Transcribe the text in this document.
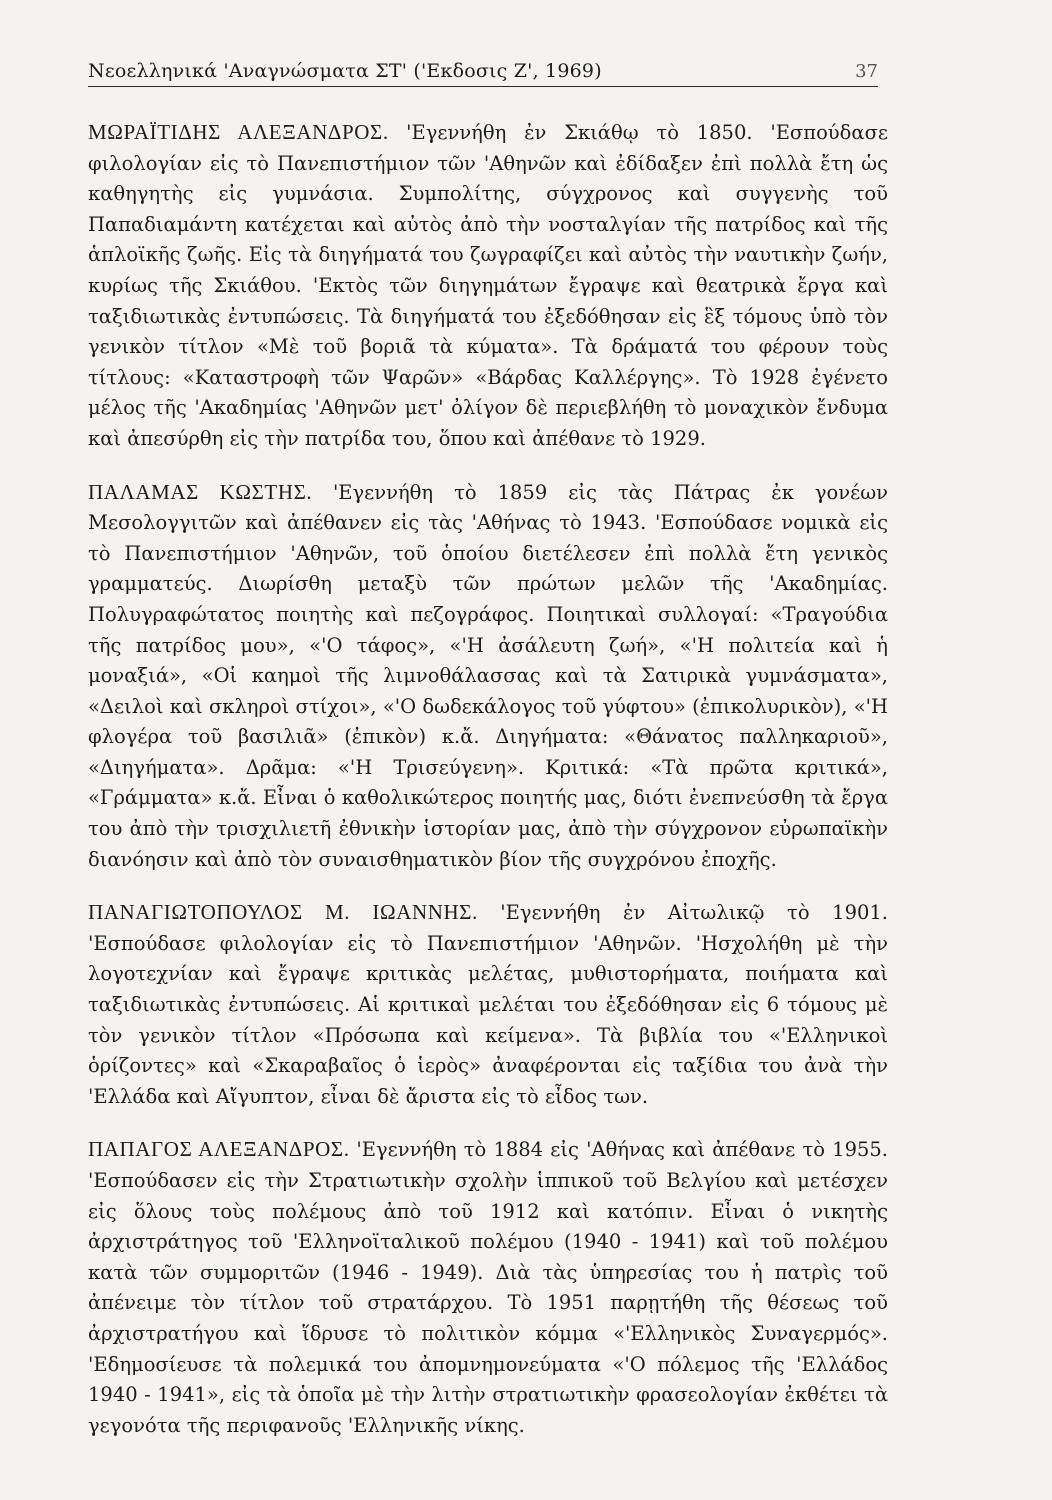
Νεοελληνικά 'Αναγνώσματα ΣΤ' ('Εκδοσις Ζ', 1969)	37

ΜΩΡΑΪΤΙΔΗΣ ΑΛΕΞΑΝΔΡΟΣ. 'Εγεννήθη ἐν Σκιάθῳ τὸ 1850. 'Εσπούδασε φιλολογίαν εἰς τὸ Πανεπιστήμιον τῶν 'Αθηνῶν καὶ ἐδίδαξεν ἐπὶ πολλὰ ἔτη ὡς καθηγητὴς εἰς γυμνάσια. Συμπολίτης, σύγχρονος καὶ συγγενὴς τοῦ Παπαδιαμάντη κατέχεται καὶ αὐτὸς ἀπὸ τὴν νοσταλγίαν τῆς πατρίδος καὶ τῆς ἁπλοϊκῆς ζωῆς. Εἰς τὰ διηγήματά του ζωγραφίζει καὶ αὐτὸς τὴν ναυτικὴν ζωήν, κυρίως τῆς Σκιάθου. 'Εκτὸς τῶν διηγημάτων ἔγραψε καὶ θεατρικὰ ἔργα καὶ ταξιδιωτικὰς ἐντυπώσεις. Τὰ διηγήματά του ἐξεδόθησαν εἰς ἓξ τόμους ὑπὸ τὸν γενικὸν τίτλον «Μὲ τοῦ βοριᾶ τὰ κύματα». Τὰ δράματά του φέρουν τοὺς τίτλους: «Καταστροφὴ τῶν Ψαρῶν» «Βάρδας Καλλέργης». Τὸ 1928 ἐγένετο μέλος τῆς 'Ακαδημίας 'Αθηνῶν μετ' ὀλίγον δὲ περιεβλήθη τὸ μοναχικὸν ἔνδυμα καὶ ἀπεσύρθη εἰς τὴν πατρίδα του, ὅπου καὶ ἀπέθανε τὸ 1929.

ΠΑΛΑΜΑΣ ΚΩΣΤΗΣ. 'Εγεννήθη τὸ 1859 εἰς τὰς Πάτρας ἐκ γονέων Μεσολογγιτῶν καὶ ἀπέθανεν εἰς τὰς 'Αθήνας τὸ 1943. 'Εσπούδασε νομικὰ εἰς τὸ Πανεπιστήμιον 'Αθηνῶν, τοῦ ὁποίου διετέλεσεν ἐπὶ πολλὰ ἔτη γενικὸς γραμματεύς. Διωρίσθη μεταξὺ τῶν πρώτων μελῶν τῆς 'Ακαδημίας. Πολυγραφώτατος ποιητὴς καὶ πεζογράφος. Ποιητικαὶ συλλογαί: «Τραγούδια τῆς πατρίδος μου», «'Ο τάφος», «'Η ἀσάλευτη ζωή», «'Η πολιτεία καὶ ἡ μοναξιά», «Οἱ καημοὶ τῆς λιμνοθάλασσας καὶ τὰ Σατιρικὰ γυμνάσματα», «Δειλοὶ καὶ σκληροὶ στίχοι», «'Ο δωδεκάλογος τοῦ γύφτου» (ἐπικολυρικὸν), «'Η φλογέρα τοῦ βασιλιᾶ» (ἐπικὸν) κ.ἄ. Διηγήματα: «Θάνατος παλληκαριοῦ», «Διηγήματα». Δρᾶμα: «'Η Τρισεύγενη». Κριτικά: «Τὰ πρῶτα κριτικά», «Γράμματα» κ.ἄ. Εἶναι ὁ καθολικώτερος ποιητής μας, διότι ἐνεπνεύσθη τὰ ἔργα του ἀπὸ τὴν τρισχιλιετῆ ἐθνικὴν ἱστορίαν μας, ἀπὸ τὴν σύγχρονον εὐρωπαϊκὴν διανόησιν καὶ ἀπὸ τὸν συναισθηματικὸν βίον τῆς συγχρόνου ἐποχῆς.

ΠΑΝΑΓΙΩΤΟΠΟΥΛΟΣ Μ. ΙΩΑΝΝΗΣ. 'Εγεννήθη ἐν Αἰτωλικῷ τὸ 1901. 'Εσπούδασε φιλολογίαν εἰς τὸ Πανεπιστήμιον 'Αθηνῶν. 'Ησχολήθη μὲ τὴν λογοτεχνίαν καὶ ἔγραψε κριτικὰς μελέτας, μυθιστορήματα, ποιήματα καὶ ταξιδιωτικὰς ἐντυπώσεις. Αἱ κριτικαὶ μελέται του ἐξεδόθησαν εἰς 6 τόμους μὲ τὸν γενικὸν τίτλον «Πρόσωπα καὶ κείμενα». Τὰ βιβλία του «'Ελληνικοὶ ὁρίζοντες» καὶ «Σκαραβαῖος ὁ ἱερὸς» ἀναφέρονται εἰς ταξίδια του ἀνὰ τὴν 'Ελλάδα καὶ Αἴγυπτον, εἶναι δὲ ἄριστα εἰς τὸ εἶδος των.

ΠΑΠΑΓΟΣ ΑΛΕΞΑΝΔΡΟΣ. 'Εγεννήθη τὸ 1884 εἰς 'Αθήνας καὶ ἀπέθανε τὸ 1955. 'Εσπούδασεν εἰς τὴν Στρατιωτικὴν σχολὴν ἱππικοῦ τοῦ Βελγίου καὶ μετέσχεν εἰς ὅλους τοὺς πολέμους ἀπὸ τοῦ 1912 καὶ κατόπιν. Εἶναι ὁ νικητὴς ἀρχιστράτηγος τοῦ 'Ελληνοϊταλικοῦ πολέμου (1940 - 1941) καὶ τοῦ πολέμου κατὰ τῶν συμμοριτῶν (1946 - 1949). Διὰ τὰς ὑπηρεσίας του ἡ πατρὶς τοῦ ἀπένειμε τὸν τίτλον τοῦ στρατάρχου. Τὸ 1951 παρῃτήθη τῆς θέσεως τοῦ ἀρχιστρατήγου καὶ ἵδρυσε τὸ πολιτικὸν κόμμα «'Ελληνικὸς Συναγερμός». 'Εδημοσίευσε τὰ πολεμικά του ἀπομνημονεύματα «'Ο πόλεμος τῆς 'Ελλάδος 1940 - 1941», εἰς τὰ ὁποῖα μὲ τὴν λιτὴν στρατιωτικὴν φρασεολογίαν ἐκθέτει τὰ γεγονότα τῆς περιφανοῦς 'Ελληνικῆς νίκης.
